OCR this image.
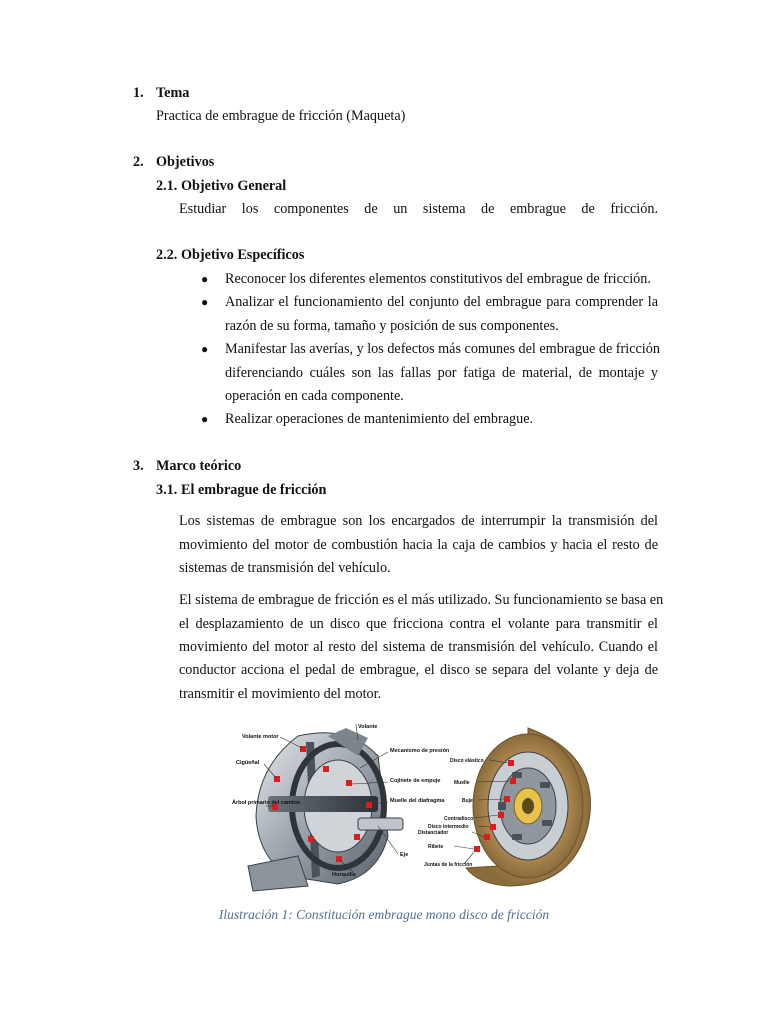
1. Tema
Practica de embrague de fricción (Maqueta)
2. Objetivos
2.1. Objetivo General
Estudiar los componentes de un sistema de embrague de fricción.
2.2. Objetivo Específicos
● Reconocer los diferentes elementos constitutivos del embrague de fricción.
● Analizar el funcionamiento del conjunto del embrague para comprender la
razón de su forma, tamaño y posición de sus componentes.
● Manifestar las averías, y los defectos más comunes del embrague de fricción
diferenciando cuáles son las fallas por fatiga de material, de montaje y
operación en cada componente.
● Realizar operaciones de mantenimiento del embrague.
3. Marco teórico
3.1. El embrague de fricción
Los sistemas de embrague son los encargados de interrumpir la transmisión del
movimiento del motor de combustión hacia la caja de cambios y hacia el resto de
sistemas de transmisión del vehículo.
El sistema de embrague de fricción es el más utilizado. Su funcionamiento se basa en
el desplazamiento de un disco que fricciona contra el volante para transmitir el
movimiento del motor al resto del sistema de transmisión del vehículo. Cuando el
conductor acciona el pedal de embrague, el disco se separa del volante y deja de
transmitir el movimiento del motor.
Volante motor
Cigüeñal
Árbol primario del cambio
Volante
Mecanismo de presión
Cojinete de empuje
Muelle del diafragma
Eje
Horquilla
Disco elástico
Muelle
Buje
Contradisco
Disco intermedio
Distanciador
Ribete
Juntas de la fricción
Ilustración 1: Constitución embrague mono disco de fricción
